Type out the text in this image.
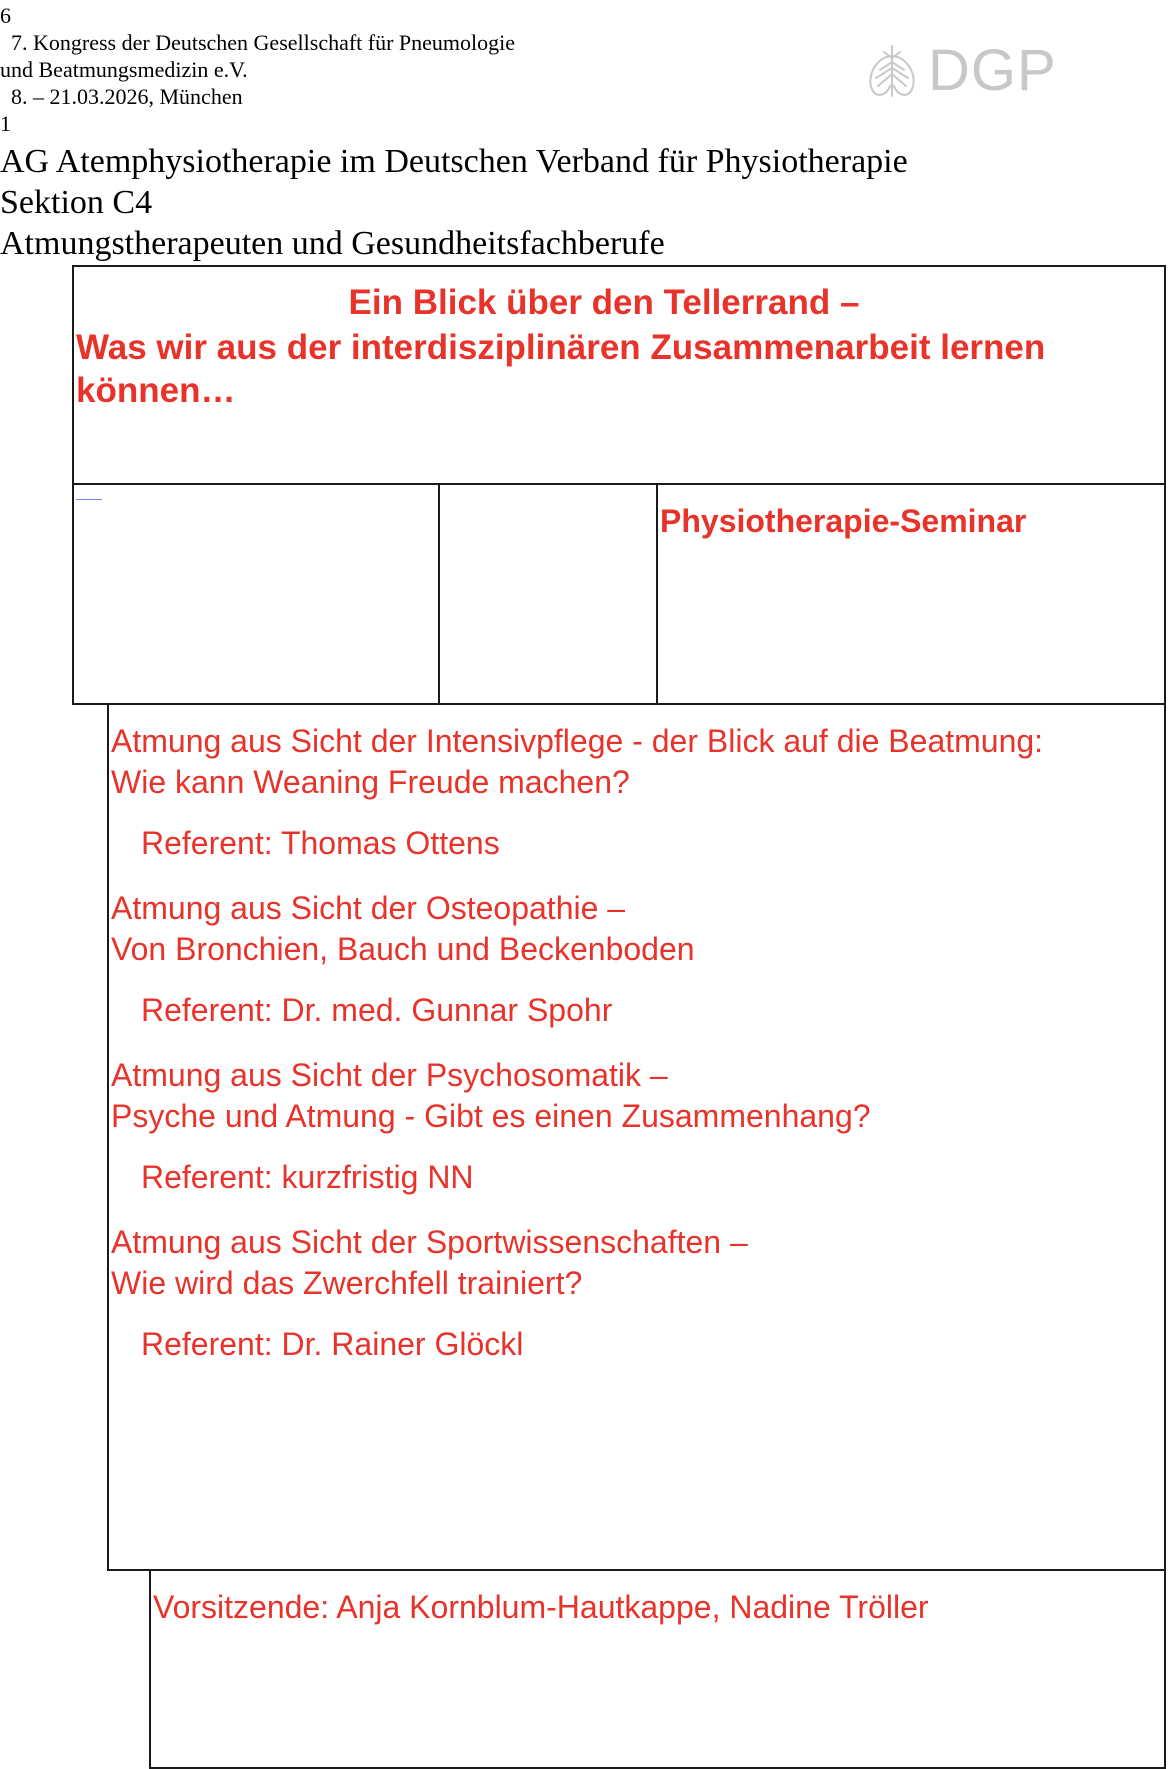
6
7. Kongress der Deutschen Gesellschaft für Pneumologie
und Beatmungsmedizin e.V.
8. – 21.03.2026, München
1
DGP
AG Atemphysiotherapie im Deutschen Verband für Physiotherapie
Sektion C4
Atmungstherapeuten und Gesundheitsfachberufe
Ein Blick über den Tellerrand –
Was wir aus der interdisziplinären Zusammenarbeit lernen
können…
Physiotherapie-Seminar
Atmung aus Sicht der Intensivpflege - der Blick auf die Beatmung:
Wie kann Weaning Freude machen?
Referent: Thomas Ottens
Atmung aus Sicht der Osteopathie –
Von Bronchien, Bauch und Beckenboden
Referent: Dr. med. Gunnar Spohr
Atmung aus Sicht der Psychosomatik –
Psyche und Atmung - Gibt es einen Zusammenhang?
Referent: kurzfristig NN
Atmung aus Sicht der Sportwissenschaften –
Wie wird das Zwerchfell trainiert?
Referent: Dr. Rainer Glöckl
Vorsitzende: Anja Kornblum-Hautkappe, Nadine Tröller
